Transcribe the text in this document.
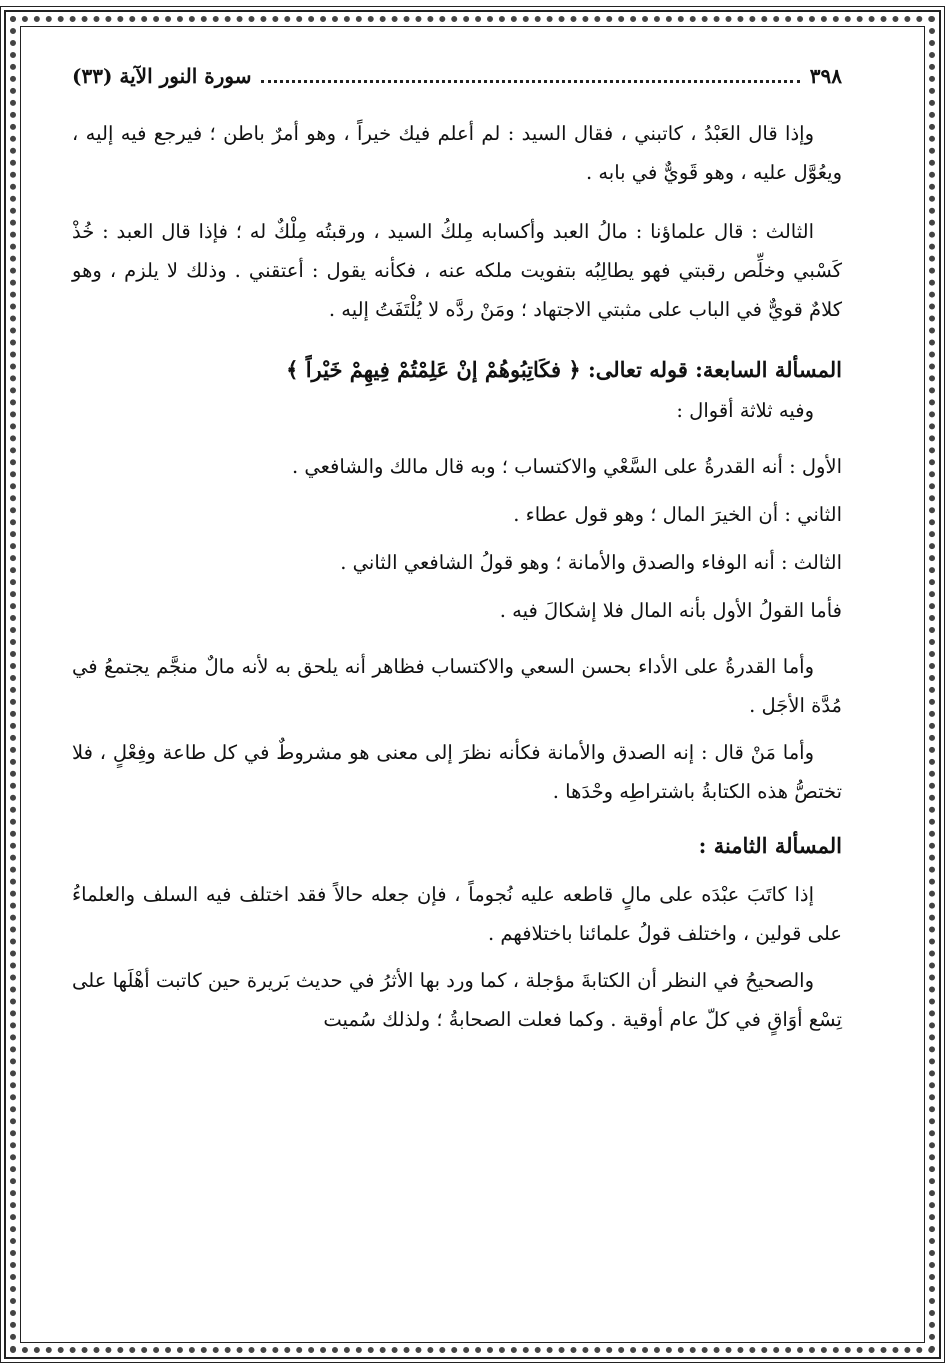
٣٩٨
سورة النور الآية (٣٣)

وإذا قال العَبْدُ ، كاتبني ، فقال السيد : لم أعلم فيك خيراً ، وهو أمرٌ باطن ؛ فيرجع فيه إليه ، ويعُوَّل عليه ، وهو قَويٌّ في بابه .

الثالث : قال علماؤنا : مالُ العبد وأكسابه مِلكُ السيد ، ورقبتُه مِلْكٌ له ؛ فإذا قال العبد : خُذْ كَسْبي وخلِّص رقبتي فهو يطالِبُه بتفويت ملكه عنه ، فكأنه يقول : أعتقني . وذلك لا يلزم ، وهو كلامٌ قويٌّ في الباب على مثبتي الاجتهاد ؛ ومَنْ ردَّه لا يُلْتَفَتُ إليه .

المسألة السابعة: قوله تعالى: ﴿ فكَاتِبُوهُمْ إنْ عَلِمْتُمْ فِيهِمْ خَيْراً ﴾

وفيه ثلاثة أقوال :

الأول : أنه القدرةُ على السَّعْي والاكتساب ؛ وبه قال مالك والشافعي .

الثاني : أن الخيرَ المال ؛ وهو قول عطاء .

الثالث : أنه الوفاء والصدق والأمانة ؛ وهو قولُ الشافعي الثاني .

فأما القولُ الأول بأنه المال فلا إشكالَ فيه .

وأما القدرةُ على الأداء بحسن السعي والاكتساب فظاهر أنه يلحق به لأنه مالٌ منجَّم يجتمعُ في مُدَّة الأجَل .

وأما مَنْ قال : إنه الصدق والأمانة فكأنه نظرَ إلى معنى هو مشروطٌ في كل طاعة وفِعْلٍ ، فلا تختصُّ هذه الكتابةُ باشتراطِه وحْدَها .

المسألة الثامنة :

إذا كاتَبَ عبْدَه على مالٍ قاطعه عليه نُجوماً ، فإن جعله حالاً فقد اختلف فيه السلف والعلماءُ على قولين ، واختلف قولُ علمائنا باختلافهم .

والصحيحُ في النظر أن الكتابةَ مؤجلة ، كما ورد بها الأثرُ في حديث بَريرة حين كاتبت أهْلَها على تِسْع أوَاقٍ في كلّ عام أوقية . وكما فعلت الصحابةُ ؛ ولذلك سُميت
